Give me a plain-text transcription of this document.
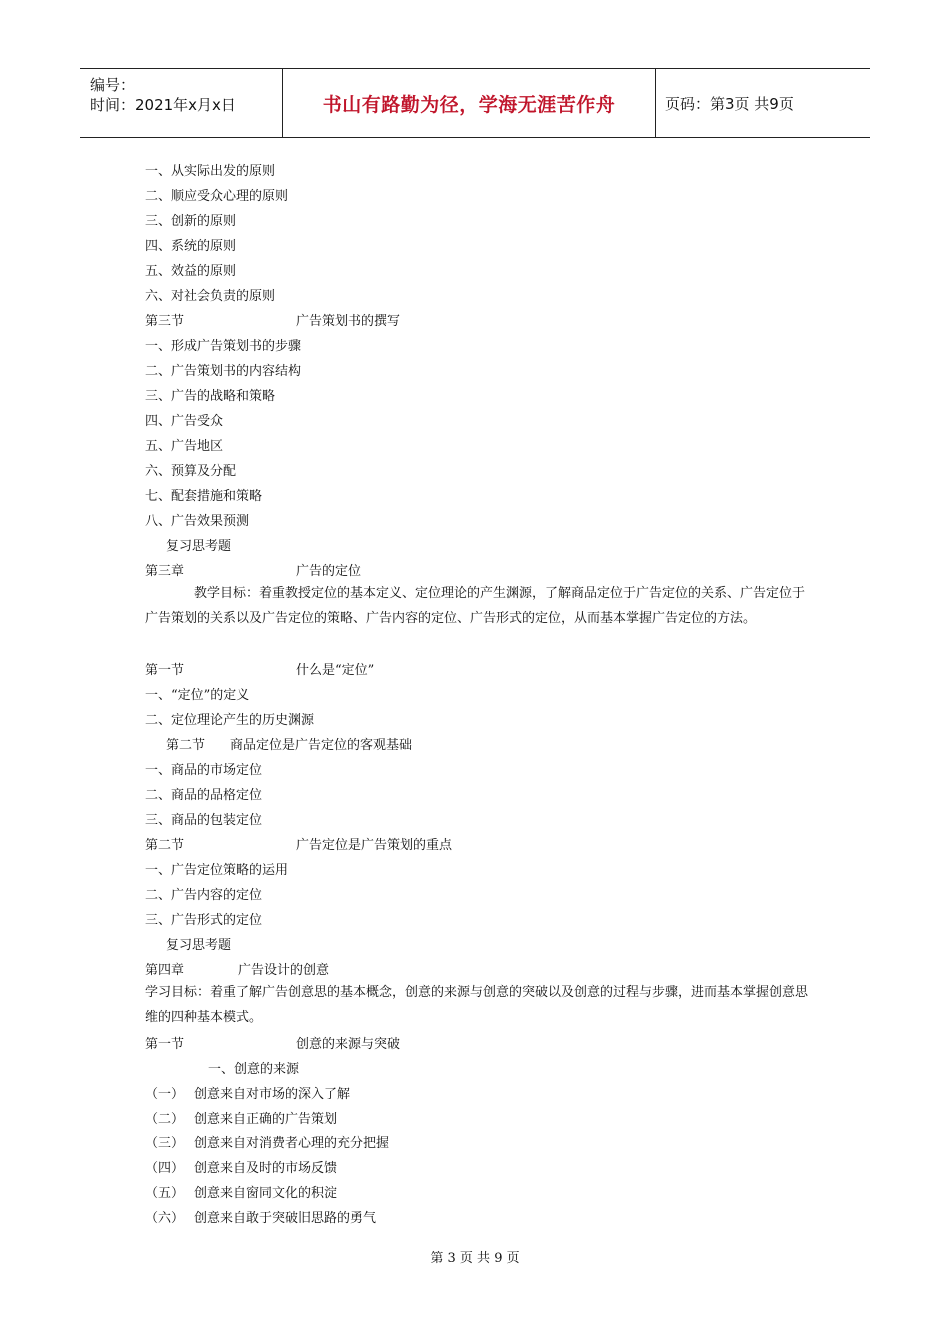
编号：
时间：2021年x月x日	书山有路勤为径，学海无涯苦作舟	页码：第3页 共9页
一、从实际出发的原则
二、顺应受众心理的原则
三、创新的原则
四、系统的原则
五、效益的原则
六、对社会负责的原则
第三节	广告策划书的撰写
一、形成广告策划书的步骤
二、广告策划书的内容结构
三、广告的战略和策略
四、广告受众
五、广告地区
六、预算及分配
七、配套措施和策略
八、广告效果预测
复习思考题
第三章	广告的定位
教学目标：着重教授定位的基本定义、定位理论的产生渊源，了解商品定位于广告定位的关系、广告定位于广告策划的关系以及广告定位的策略、广告内容的定位、广告形式的定位，从而基本掌握广告定位的方法。
第一节	什么是“定位”
一、“定位”的定义
二、定位理论产生的历史渊源
第二节 商品定位是广告定位的客观基础
一、商品的市场定位
二、商品的品格定位
三、商品的包装定位
第二节	广告定位是广告策划的重点
一、广告定位策略的运用
二、广告内容的定位
三、广告形式的定位
复习思考题
第四章	广告设计的创意
学习目标：着重了解广告创意思的基本概念，创意的来源与创意的突破以及创意的过程与步骤，进而基本掌握创意思维的四种基本模式。
第一节	创意的来源与突破
一、创意的来源
（一） 创意来自对市场的深入了解
（二） 创意来自正确的广告策划
（三） 创意来自对消费者心理的充分把握
（四） 创意来自及时的市场反馈
（五） 创意来自窗同文化的积淀
（六） 创意来自敢于突破旧思路的勇气
第 3 页 共 9 页
